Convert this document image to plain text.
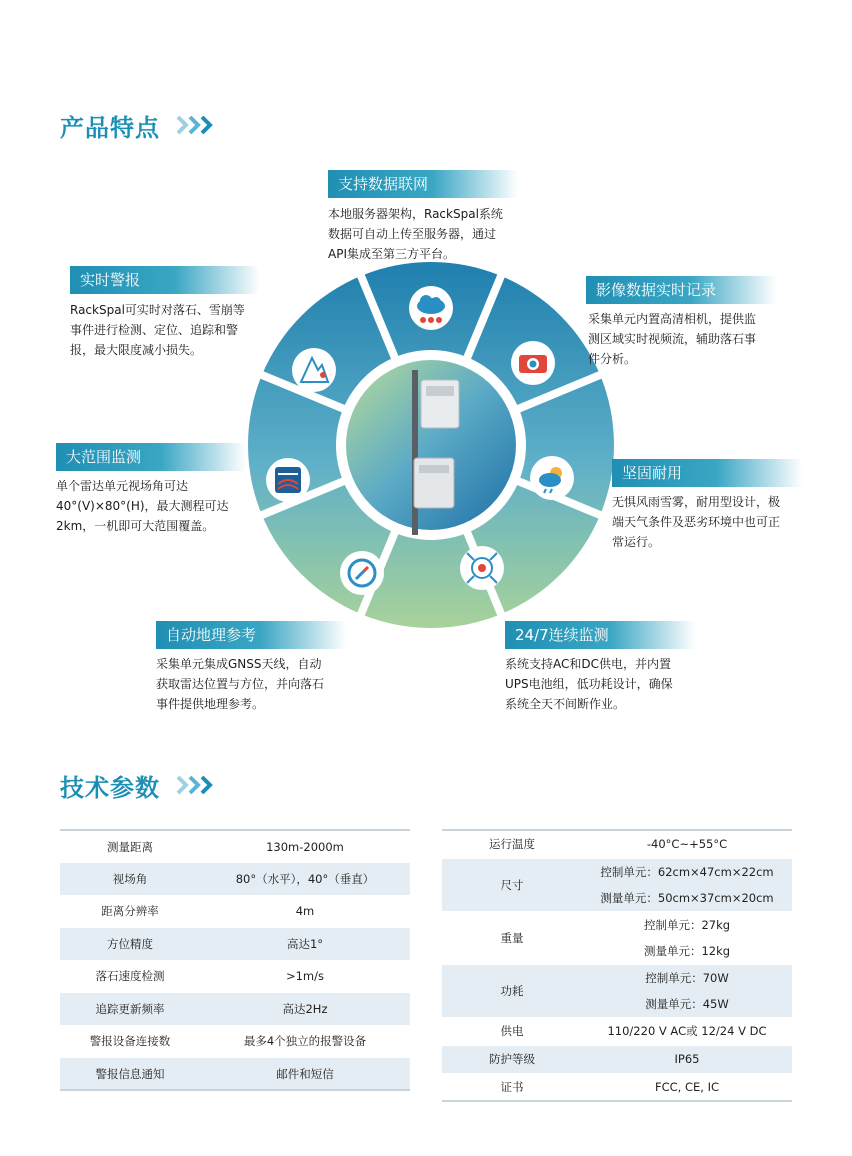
产品特点
支持数据联网
本地服务器架构，RackSpal系统
数据可自动上传至服务器，通过
API集成至第三方平台。
实时警报
RackSpal可实时对落石、雪崩等
事件进行检测、定位、追踪和警
报，最大限度减小损失。
影像数据实时记录
采集单元内置高清相机，提供监
测区域实时视频流，辅助落石事
件分析。
大范围监测
单个雷达单元视场角可达
40°(V)×80°(H)，最大测程可达
2km，一机即可大范围覆盖。
坚固耐用
无惧风雨雪雾，耐用型设计，极
端天气条件及恶劣环境中也可正
常运行。
自动地理参考
采集单元集成GNSS天线，自动
获取雷达位置与方位，并向落石
事件提供地理参考。
24/7连续监测
系统支持AC和DC供电，并内置
UPS电池组，低功耗设计，确保
系统全天不间断作业。
技术参数
测量距离	130m-2000m
视场角	80°（水平），40°（垂直）
距离分辨率	4m
方位精度	高达1°
落石速度检测	>1m/s
追踪更新频率	高达2Hz
警报设备连接数	最多4个独立的报警设备
警报信息通知	邮件和短信
运行温度	-40°C~+55°C
尺寸	控制单元：62cm×47cm×22cm
测量单元：50cm×37cm×20cm

重量	控制单元：27kg
测量单元：12kg

功耗	控制单元：70W
测量单元：45W

供电	110/220 V AC或 12/24 V DC
防护等级	IP65
证书	FCC, CE, IC
